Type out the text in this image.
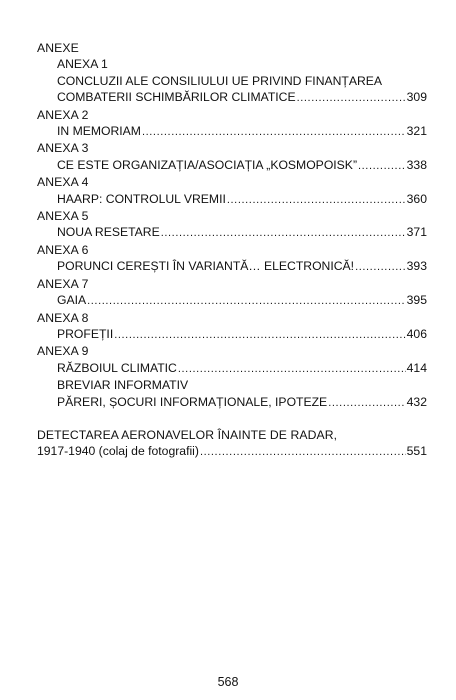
ANEXE
ANEXA 1
CONCLUZII ALE CONSILIULUI UE PRIVIND FINANȚAREA
COMBATERII SCHIMBĂRILOR CLIMATICE .....	309
ANEXA 2
IN MEMORIAM .....	321
ANEXA 3
CE ESTE ORGANIZAȚIA/ASOCIAȚIA „KOSMOPOISK” .....	338
ANEXA 4
HAARP: CONTROLUL VREMII .....	360
ANEXA 5
NOUA RESETARE .....	371
ANEXA 6
PORUNCI CEREȘTI ÎN VARIANTĂ… ELECTRONICĂ! .....	393
ANEXA 7
GAIA .....	395
ANEXA 8
PROFEȚII .....	406
ANEXA 9
RĂZBOIUL CLIMATIC .....	414
BREVIAR INFORMATIV
PĂRERI, ȘOCURI INFORMAȚIONALE, IPOTEZE .....	432
DETECTAREA AERONAVELOR ÎNAINTE DE RADAR,
1917-1940 (colaj de fotografii) .....	551
568
